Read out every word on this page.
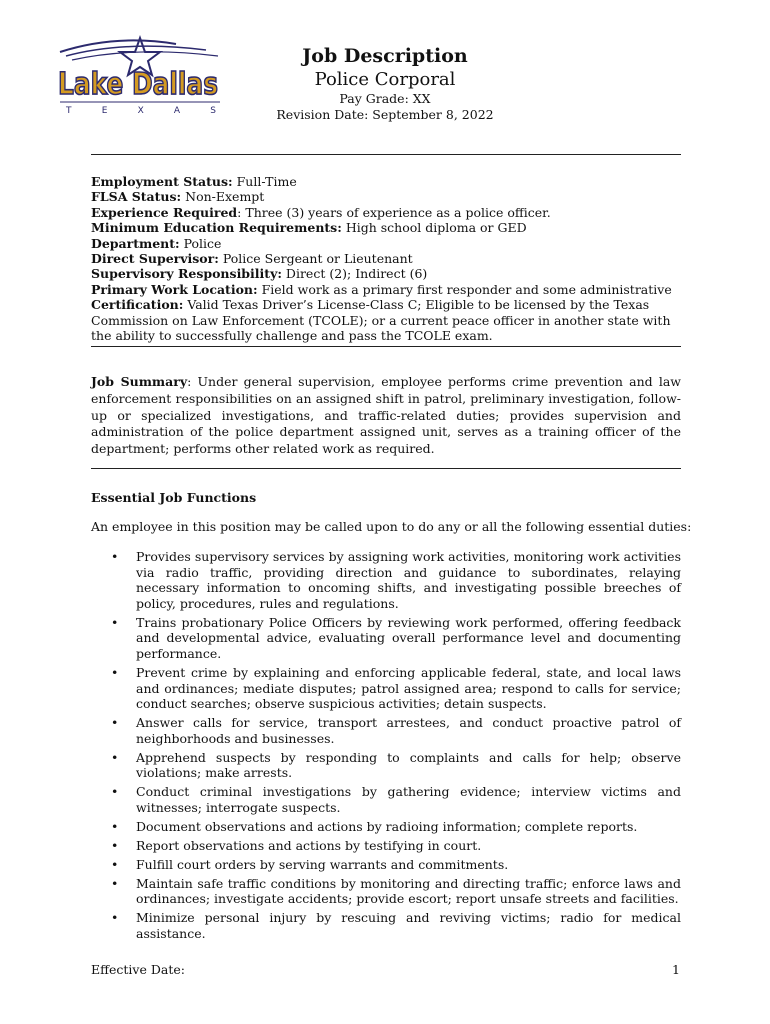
Lake Dallas
T E X A S
Job Description
Police Corporal
Pay Grade: XX
Revision Date: September 8, 2022
Employment Status: Full-Time
FLSA Status: Non-Exempt
Experience Required: Three (3) years of experience as a police officer.
Minimum Education Requirements: High school diploma or GED
Department: Police
Direct Supervisor: Police Sergeant or Lieutenant
Supervisory Responsibility: Direct (2); Indirect (6)
Primary Work Location: Field work as a primary first responder and some administrative
Certification: Valid Texas Driver’s License-Class C; Eligible to be licensed by the Texas Commission on Law Enforcement (TCOLE); or a current peace officer in another state with the ability to successfully challenge and pass the TCOLE exam.
Job Summary: Under general supervision, employee performs crime prevention and law enforcement responsibilities on an assigned shift in patrol, preliminary investigation, follow-up or specialized investigations, and traffic-related duties; provides supervision and administration of the police department assigned unit, serves as a training officer of the department; performs other related work as required.
Essential Job Functions
An employee in this position may be called upon to do any or all the following essential duties:
• Provides supervisory services by assigning work activities, monitoring work activities via radio traffic, providing direction and guidance to subordinates, relaying necessary information to oncoming shifts, and investigating possible breeches of policy, procedures, rules and regulations.
• Trains probationary Police Officers by reviewing work performed, offering feedback and developmental advice, evaluating overall performance level and documenting performance.
• Prevent crime by explaining and enforcing applicable federal, state, and local laws and ordinances; mediate disputes; patrol assigned area; respond to calls for service; conduct searches; observe suspicious activities; detain suspects.
• Answer calls for service, transport arrestees, and conduct proactive patrol of neighborhoods and businesses.
• Apprehend suspects by responding to complaints and calls for help; observe violations; make arrests.
• Conduct criminal investigations by gathering evidence; interview victims and witnesses; interrogate suspects.
• Document observations and actions by radioing information; complete reports.
• Report observations and actions by testifying in court.
• Fulfill court orders by serving warrants and commitments.
• Maintain safe traffic conditions by monitoring and directing traffic; enforce laws and ordinances; investigate accidents; provide escort; report unsafe streets and facilities.
• Minimize personal injury by rescuing and reviving victims; radio for medical assistance.
Effective Date:	1
